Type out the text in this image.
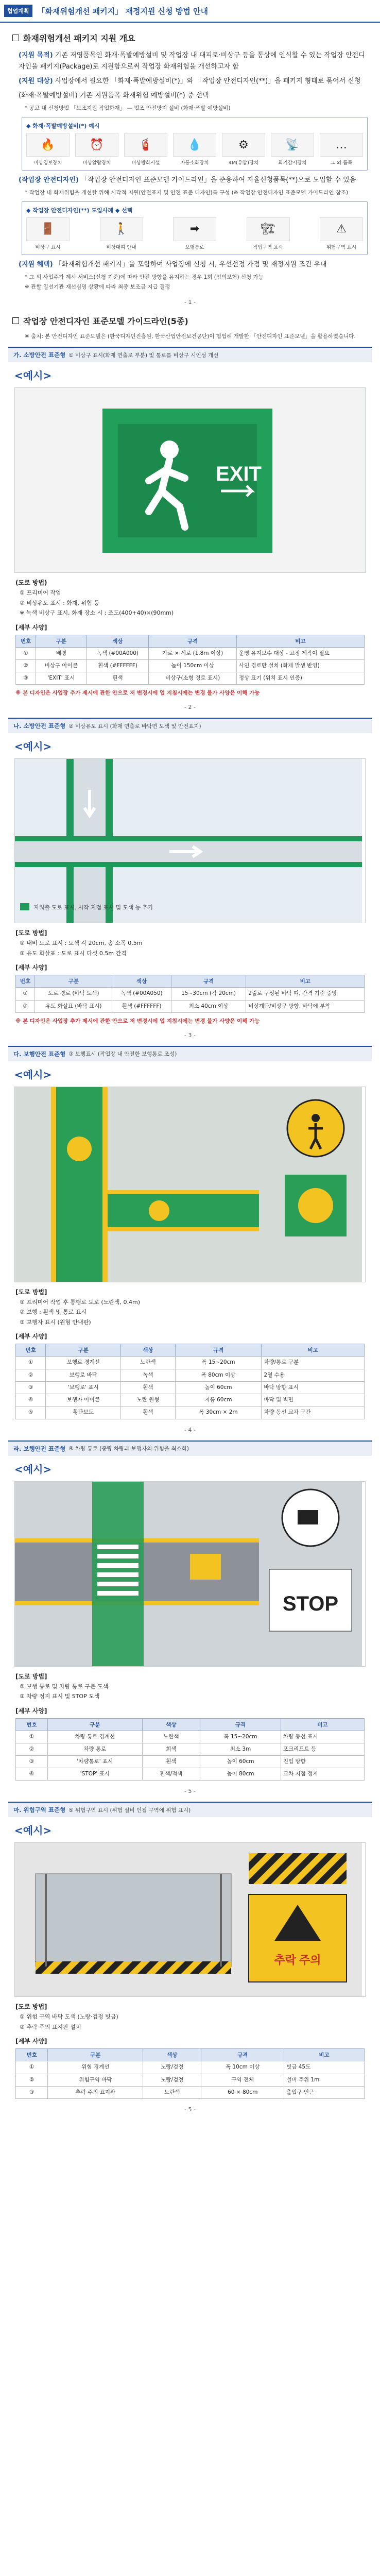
협업계획	「화재위험개선 패키지」 재정지원 신청 방법 안내
화재위험개선 패키지 지원 개요
(지원 목적) 기존 저영품목인 화재·폭발예방설비 및 작업장 내 대피로·비상구 등을 통상에 인식할 수 있는 작업장 안전디자인을 패키지(Package)로 지원함으로써 작업장 화재위험을 개선하고자 함
(지원 대상) 사업장에서 필요한 「화재·폭발예방설비(*)」와 「작업장 안전디자인(**)」을 패키지 형태로 묶어서 신청
(화재·폭발예방설비) 기존 지원품목 화재위험 예방설비(*) 중 선택
* 공고 내 신청방법 「보조지원 작업화재」 — 법조 안전방지 설비 (화재·폭발 예방설비)
◆ 화재·폭발예방설비(*) 예시
🔥
비상경보장치
⏰
비상알람장치
🧯
비상방화시설
💧
자동소화장치
⚙
4M(유압)장치
📡
화기감시장치
…
그 외 품목
(작업장 안전디자인) 「작업장 안전디자인 표준모델 가이드라인」을 준용하여 자율신청품목(**)으로 도입할 수 있음
* 작업장 내 화재위험을 개선할 위해 시각적 지원(안전표지 및 안전 표준 디자인)를 구성 (※ 작업장 안전디자인 표준모델 가이드라인 참조)
◆ 작업장 안전디자인(**) 도입사례 ◆ 선택
🚪
비상구 표시
🚶
비상대피 안내
➡
보행통로
🏗
작업구역 표시
⚠
위험구역 표시
(지원 혜택) 「화재위험개선 패키지」을 포함하여 사업장에 신청 시, 우선선정 가점 및 재정지원 조건 우대
* 그 외 사업주가 제시·서비스(신청 기준)에 따라 안전 방향을 유지하는 경우 1회 (임의보험) 신청 가능
※ 관할 일선기관 재선심명 상황에 따라 최종 보조금 지급 결정
- 1 -
작업장 안전디자인 표준모델 가이드라인(5종)
※ 출처: 본 안전디자인 표준모델은 (한국디자인진흥원, 한국산업안전보건공단)이 협업해 개발한 「안전디자인 표준모델」을 활용하였습니다.
가. 소방안전 표준형 ① 비상구 표시(화재 연출로 부분) 및 통로를 비상구 시인성 개선
<예시>
EXIT
(도로 방법)
① 프리미어 작업
② 비상유도 표시 : 화재, 위험 등
※ 녹색 비상구 표시, 화재 장소 시 : 조도(400+40)×(90mm)
[세부 사양]
번호	구분	색상	규격	비고
①	배경	녹색 (#00A000)	가로 × 세로 (1.8m 이상)	운영 유지보수 대상 - 고정 제작이 필요
②	비상구 아이콘	흰색 (#FFFFFF)	높이 150cm 이상	사인 경로만 설치 (화재 발생 반영)
③	'EXIT' 표시	흰색	비상구(소형 경로 표시)	정상 표기 (위치 표시 인증)
※ 본 디자인은 사업장 추가 제시에 관한 안으로 저 변경시에 업 지침시에는 변경 불가 사양은 이해 가능
- 2 -
나. 소방안전 표준형 ② 비상유도 표시 (화재 연출로 바닥면 도색 및 안전표지)
<예시>
지워출 도로 표시, 시작 지점 표시 및 도색 등 추가
[도로 방법]
① 내비 도로 표시 : 도색 각 20cm, 총 소폭 0.5m
② 유도 화살표 : 도로 표시 다섯 0.5m 간격
[세부 사양]
번호	구분	색상	규격	비고
①	도로 경로 (바닥 도색)	녹색 (#00A050)	15~30cm (각 20cm)	2줄로 구성된 바닥 띠, 간격 기준 중앙
②	유도 화살표 (바닥 표시)	흰색 (#FFFFFF)	최소 40cm 이상	비상계단/비상구 방향, 바닥에 부착
※ 본 디자인은 사업장 추가 제시에 관한 안으로 저 변경시에 업 지침시에는 변경 불가 사양은 이해 가능
- 3 -
다. 보행안전 표준형 ③ 보행표시 (작업장 내 안전한 보행통로 조성)
<예시>
[도로 방법]
① 프리미어 작업 후 통행로 도로 (노란색, 0.4m)
② 보행 : 흰색 및 통로 표시
③ 보행자 표시 (원형 안내판)
[세부 사양]
번호	구분	색상	규격	비고
①	보행로 경계선	노란색	폭 15~20cm	차량/통로 구분
②	보행로 바닥	녹색	폭 80cm 이상	2열 수용
③	'보행로' 표시	흰색	높이 60cm	바닥 방향 표시
④	보행자 아이콘	노란 원형	지름 60cm	바닥 및 벽면
⑤	횡단보도	흰색	폭 30cm × 2m	차량 동선 교차 구간
- 4 -
라. 보행안전 표준형 ④ 차량 통로 (중량 차량과 보행자의 위험을 최소화)
<예시>
STOP
[도로 방법]
① 보행 통로 및 차량 통로 구분 도색
② 차량 정지 표시 및 STOP 도색
[세부 사양]
번호	구분	색상	규격	비고
①	차량 통로 경계선	노란색	폭 15~20cm	차량 동선 표시
②	차량 통로	회색	최소 3m	포크리프트 등
③	'차량통로' 표시	흰색	높이 60cm	진입 방향
④	'STOP' 표시	흰색/적색	높이 80cm	교차 지점 정지
- 5 -
마. 위험구역 표준형 ⑤ 위험구역 표시 (위험 설비 인접 구역에 위험 표시)
<예시>
추락 주의
[도로 방법]
① 위험 구역 바닥 도색 (노랑·검정 빗금)
② 추락 주의 표지판 설치
[세부 사양]
번호	구분	색상	규격	비고
①	위험 경계선	노랑/검정	폭 10cm 이상	빗금 45도
②	위험구역 바닥	노랑/검정	구역 전체	설비 주위 1m
③	추락 주의 표지판	노란색	60 × 80cm	출입구 인근
- 5 -
